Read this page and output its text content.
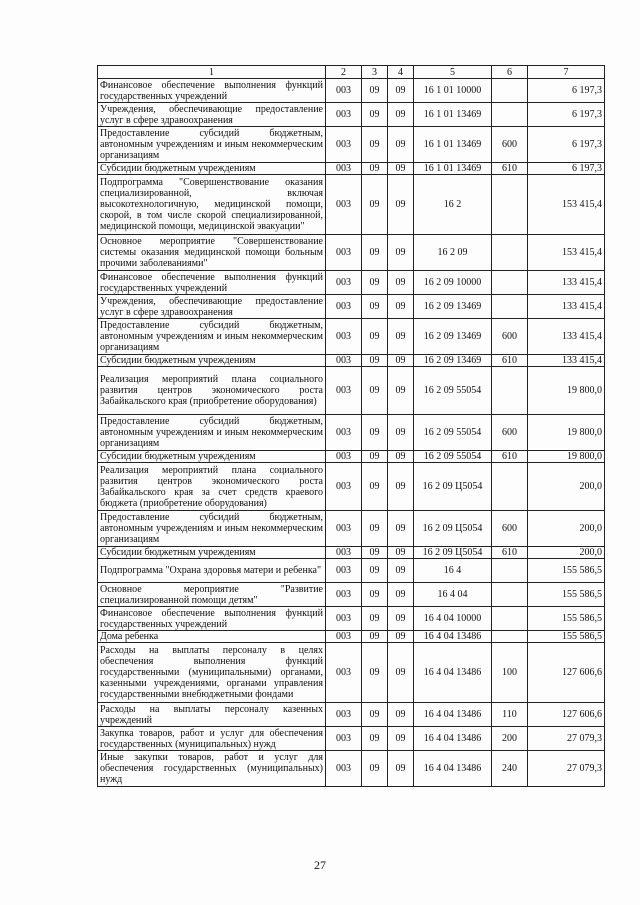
1	2	3	4	5	6	7
Финансовое обеспечение выполнения функций государственных учреждений	003	09	09	16 1 01 10000		6 197,3
Учреждения, обеспечивающие предоставление услуг в сфере здравоохранения	003	09	09	16 1 01 13469		6 197,3
Предоставление субсидий бюджетным, автономным учреждениям и иным некоммерческим организациям	003	09	09	16 1 01 13469	600	6 197,3
Субсидии бюджетным учреждениям	003	09	09	16 1 01 13469	610	6 197,3
Подпрограмма "Совершенствование оказания специализированной, включая высокотехнологичную, медицинской помощи, скорой, в том числе скорой специализированной, медицинской помощи, медицинской эвакуации"	003	09	09	16 2		153 415,4
Основное мероприятие "Совершенствование системы оказания медицинской помощи больным прочими заболеваниями"	003	09	09	16 2 09		153 415,4
Финансовое обеспечение выполнения функций государственных учреждений	003	09	09	16 2 09 10000		133 415,4
Учреждения, обеспечивающие предоставление услуг в сфере здравоохранения	003	09	09	16 2 09 13469		133 415,4
Предоставление субсидий бюджетным, автономным учреждениям и иным некоммерческим организациям	003	09	09	16 2 09 13469	600	133 415,4
Субсидии бюджетным учреждениям	003	09	09	16 2 09 13469	610	133 415,4
Реализация мероприятий плана социального развития центров экономического роста Забайкальского края (приобретение оборудования)	003	09	09	16 2 09 55054		19 800,0
Предоставление субсидий бюджетным, автономным учреждениям и иным некоммерческим организациям	003	09	09	16 2 09 55054	600	19 800,0
Субсидии бюджетным учреждениям	003	09	09	16 2 09 55054	610	19 800,0
Реализация мероприятий плана социального развития центров экономического роста Забайкальского края за счет средств краевого бюджета (приобретение оборудования)	003	09	09	16 2 09 Ц5054		200,0
Предоставление субсидий бюджетным, автономным учреждениям и иным некоммерческим организациям	003	09	09	16 2 09 Ц5054	600	200,0
Субсидии бюджетным учреждениям	003	09	09	16 2 09 Ц5054	610	200,0
Подпрограмма "Охрана здоровья матери и ребенка"	003	09	09	16 4		155 586,5
Основное мероприятие "Развитие специализированной помощи детям"	003	09	09	16 4 04		155 586,5
Финансовое обеспечение выполнения функций государственных учреждений	003	09	09	16 4 04 10000		155 586,5
Дома ребенка	003	09	09	16 4 04 13486		155 586,5
Расходы на выплаты персоналу в целях обеспечения выполнения функций государственными (муниципальными) органами, казенными учреждениями, органами управления государственными внебюджетными фондами	003	09	09	16 4 04 13486	100	127 606,6
Расходы на выплаты персоналу казенных учреждений	003	09	09	16 4 04 13486	110	127 606,6
Закупка товаров, работ и услуг для обеспечения государственных (муниципальных) нужд	003	09	09	16 4 04 13486	200	27 079,3
Иные закупки товаров, работ и услуг для обеспечения государственных (муниципальных) нужд	003	09	09	16 4 04 13486	240	27 079,3
27
